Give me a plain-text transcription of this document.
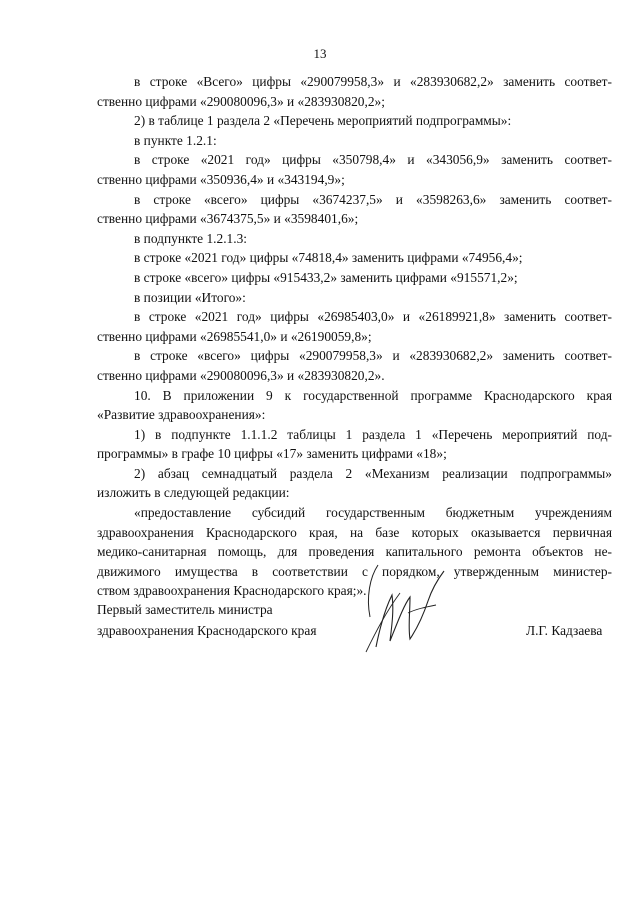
13
в строке «Всего» цифры «290079958,3» и «283930682,2» заменить соответ-
ственно цифрами «290080096,3» и «283930820,2»;
2) в таблице 1 раздела 2 «Перечень мероприятий подпрограммы»:
в пункте 1.2.1:
в строке «2021 год» цифры «350798,4» и «343056,9» заменить соответ-
ственно цифрами «350936,4» и «343194,9»;
в строке «всего» цифры «3674237,5» и «3598263,6» заменить соответ-
ственно цифрами «3674375,5» и «3598401,6»;
в подпункте 1.2.1.3:
в строке «2021 год» цифры «74818,4» заменить цифрами «74956,4»;
в строке «всего» цифры «915433,2» заменить цифрами «915571,2»;
в позиции «Итого»:
в строке «2021 год» цифры «26985403,0» и «26189921,8» заменить соответ-
ственно цифрами «26985541,0» и «26190059,8»;
в строке «всего» цифры «290079958,3» и «283930682,2» заменить соответ-
ственно цифрами «290080096,3» и «283930820,2».
10. В приложении 9 к государственной программе Краснодарского края
«Развитие здравоохранения»:
1) в подпункте 1.1.1.2 таблицы 1 раздела 1 «Перечень мероприятий под-
программы» в графе 10 цифры «17» заменить цифрами «18»;
2) абзац семнадцатый раздела 2 «Механизм реализации подпрограммы»
изложить в следующей редакции:
«предоставление субсидий государственным бюджетным учреждениям
здравоохранения Краснодарского края, на базе которых оказывается первичная
медико-санитарная помощь, для проведения капитального ремонта объектов не-
движимого имущества в соответствии с порядком, утвержденным министер-
ством здравоохранения Краснодарского края;».
Первый заместитель министра
здравоохранения Краснодарского края	Л.Г. Кадзаева
